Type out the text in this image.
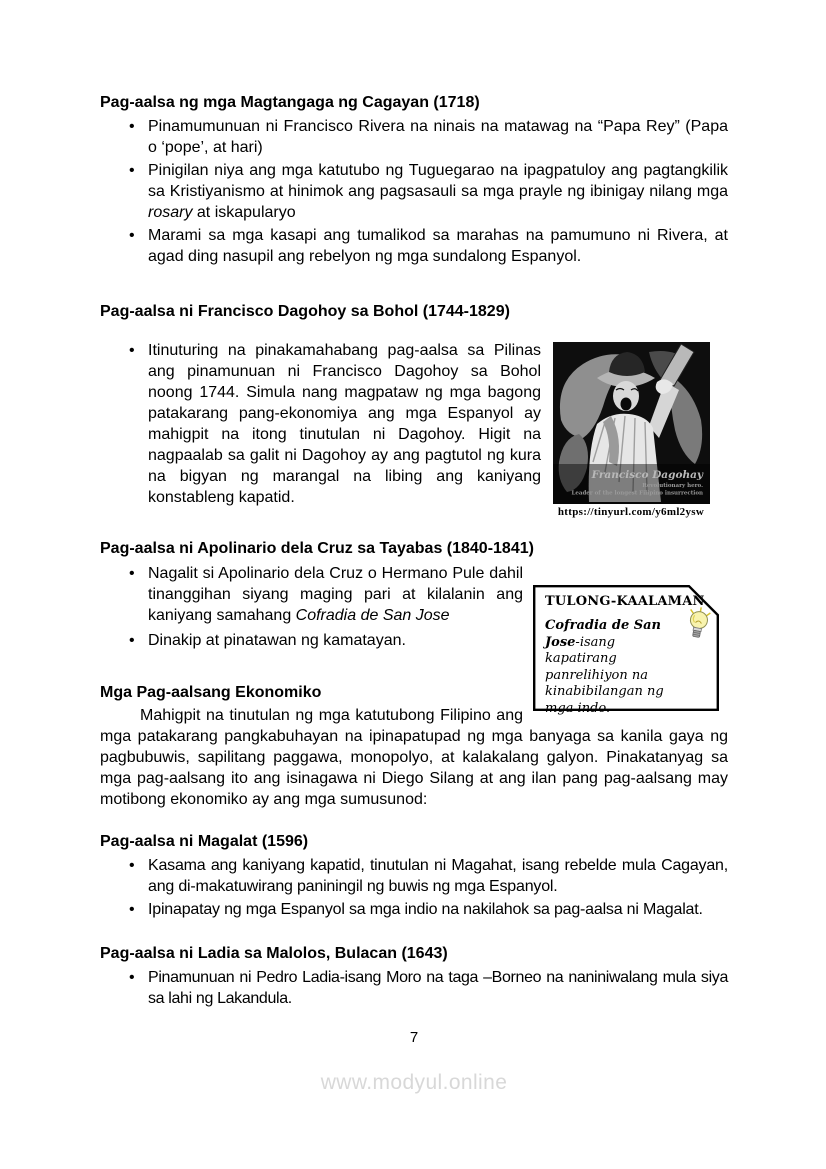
Pag-aalsa ng mga Magtangaga ng Cagayan (1718)
• Pinamumunuan ni Francisco Rivera na ninais na matawag na “Papa Rey” (Papa o ‘pope’, at hari)
• Pinigilan niya ang mga katutubo ng Tuguegarao na ipagpatuloy ang pagtangkilik sa Kristiyanismo at hinimok ang pagsasauli sa mga prayle ng ibinigay nilang mga rosary at iskapularyo
• Marami sa mga kasapi ang tumalikod sa marahas na pamumuno ni Rivera, at agad ding nasupil ang rebelyon ng mga sundalong Espanyol.
Pag-aalsa ni Francisco Dagohoy sa Bohol (1744-1829)
Francisco Dagohay
Revolutionary hero.
Leader of the longest Filipino insurrection
https://tinyurl.com/y6ml2ysw
• Itinuturing na pinakamahabang pag-aalsa sa Pilinas ang pinamunuan ni Francisco Dagohoy sa Bohol noong 1744. Simula nang magpataw ng mga bagong patakarang pang-ekonomiya ang mga Espanyol ay mahigpit na itong tinutulan ni Dagohoy. Higit na nagpaalab sa galit ni Dagohoy ay ang pagtutol ng kura na bigyan ng marangal na libing ang kaniyang konstableng kapatid.
Pag-aalsa ni Apolinario dela Cruz sa Tayabas (1840-1841)
TULONG-KAALAMAN
Cofradia de San Jose-isang kapatirang panrelihiyon na kinabibilangan ng mga indo.
• Nagalit si Apolinario dela Cruz o Hermano Pule dahil tinanggihan siyang maging pari at kilalanin ang kaniyang samahang Cofradia de San Jose
• Dinakip at pinatawan ng kamatayan.
Mga Pag-aalsang Ekonomiko

Mahigpit na tinutulan ng mga katutubong Filipino ang mga patakarang pangkabuhayan na ipinapatupad ng mga banyaga sa kanila gaya ng pagbubuwis, sapilitang paggawa, monopolyo, at kalakalang galyon. Pinakatanyag sa mga pag-aalsang ito ang isinagawa ni Diego Silang at ang ilan pang pag-aalsang may motibong ekonomiko ay ang mga sumusunod:

Pag-aalsa ni Magalat (1596)
• Kasama ang kaniyang kapatid, tinutulan ni Magahat, isang rebelde mula Cagayan, ang di-makatuwirang paniningil ng buwis ng mga Espanyol.
• Ipinapatay ng mga Espanyol sa mga indio na nakilahok sa pag-aalsa ni Magalat.
Pag-aalsa ni Ladia sa Malolos, Bulacan (1643)
• Pinamunuan ni Pedro Ladia-isang Moro na taga –Borneo na naniniwalang mula siya sa lahi ng Lakandula.
7
www.modyul.online
